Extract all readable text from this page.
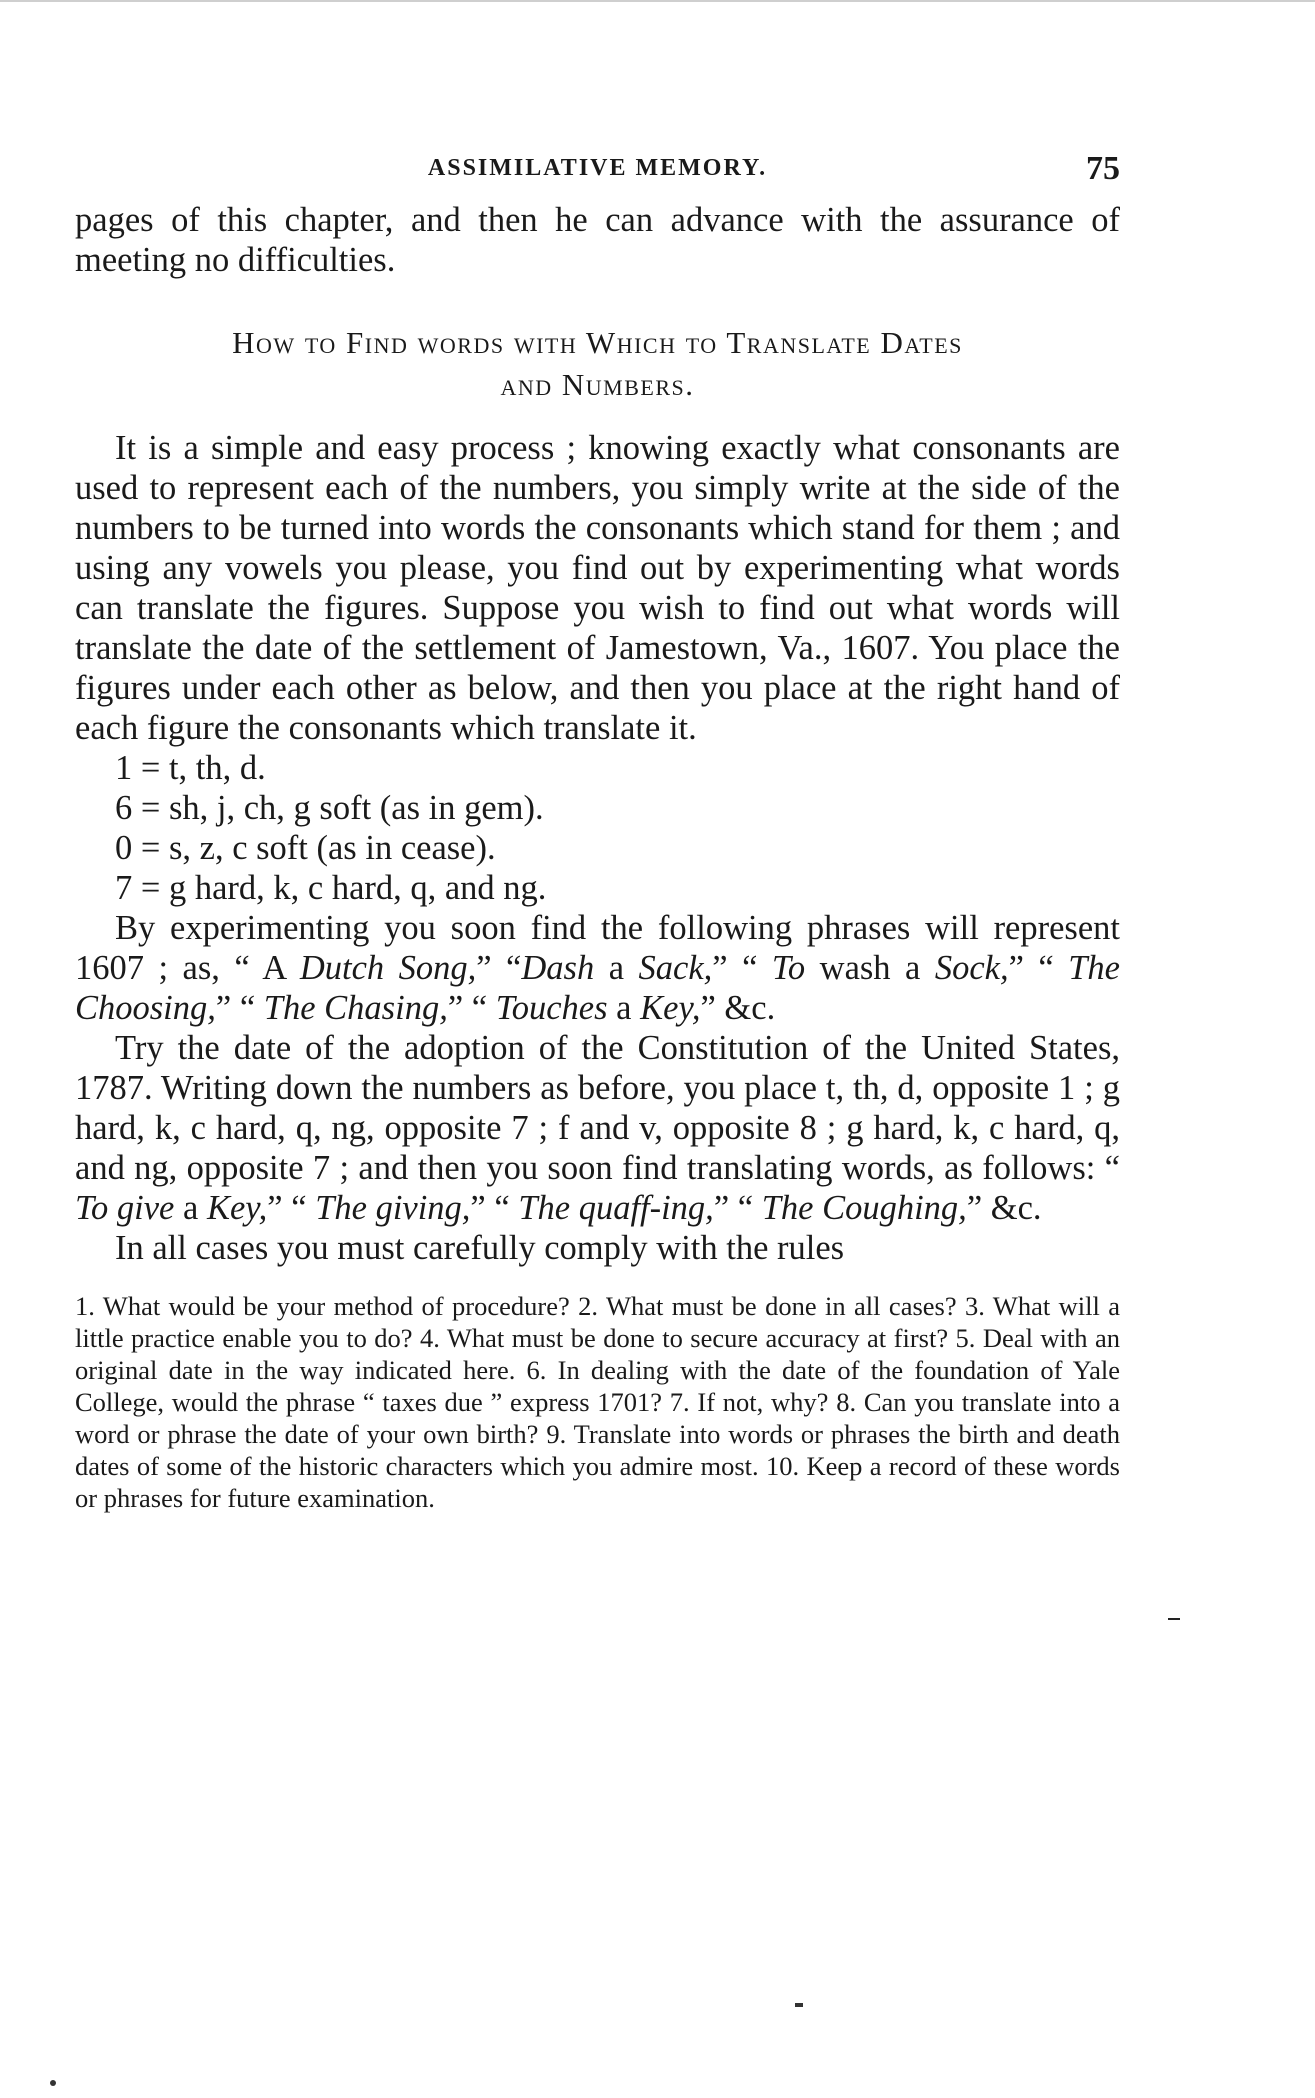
ASSIMILATIVE MEMORY.	75

pages of this chapter, and then he can advance with the assurance of meeting no difficulties.

How to Find words with Which to Translate Dates
and Numbers.

It is a simple and easy process ; knowing exactly what consonants are used to represent each of the numbers, you simply write at the side of the numbers to be turned into words the consonants which stand for them ; and using any vowels you please, you find out by experimenting what words can translate the figures. Suppose you wish to find out what words will translate the date of the settlement of Jamestown, Va., 1607. You place the figures under each other as below, and then you place at the right hand of each figure the consonants which translate it.

1 = t, th, d.

6 = sh, j, ch, g soft (as in gem).

0 = s, z, c soft (as in cease).

7 = g hard, k, c hard, q, and ng.

By experimenting you soon find the following phrases will represent 1607 ; as, “ A Dutch Song,” “Dash a Sack,” “ To wash a Sock,” “ The Choosing,” “ The Chasing,” “ Touches a Key,” &c.

Try the date of the adoption of the Constitution of the United States, 1787. Writing down the numbers as before, you place t, th, d, opposite 1 ; g hard, k, c hard, q, ng, opposite 7 ; f and v, opposite 8 ; g hard, k, c hard, q, and ng, opposite 7 ; and then you soon find translating words, as follows: “ To give a Key,” “ The giving,” “ The quaff-ing,” “ The Coughing,” &c.

In all cases you must carefully comply with the rules

1. What would be your method of procedure? 2. What must be done in all cases? 3. What will a little practice enable you to do? 4. What must be done to secure accuracy at first? 5. Deal with an original date in the way indicated here. 6. In dealing with the date of the foundation of Yale College, would the phrase “ taxes due ” express 1701? 7. If not, why? 8. Can you translate into a word or phrase the date of your own birth? 9. Translate into words or phrases the birth and death dates of some of the historic characters which you admire most. 10. Keep a record of these words or phrases for future examination.
